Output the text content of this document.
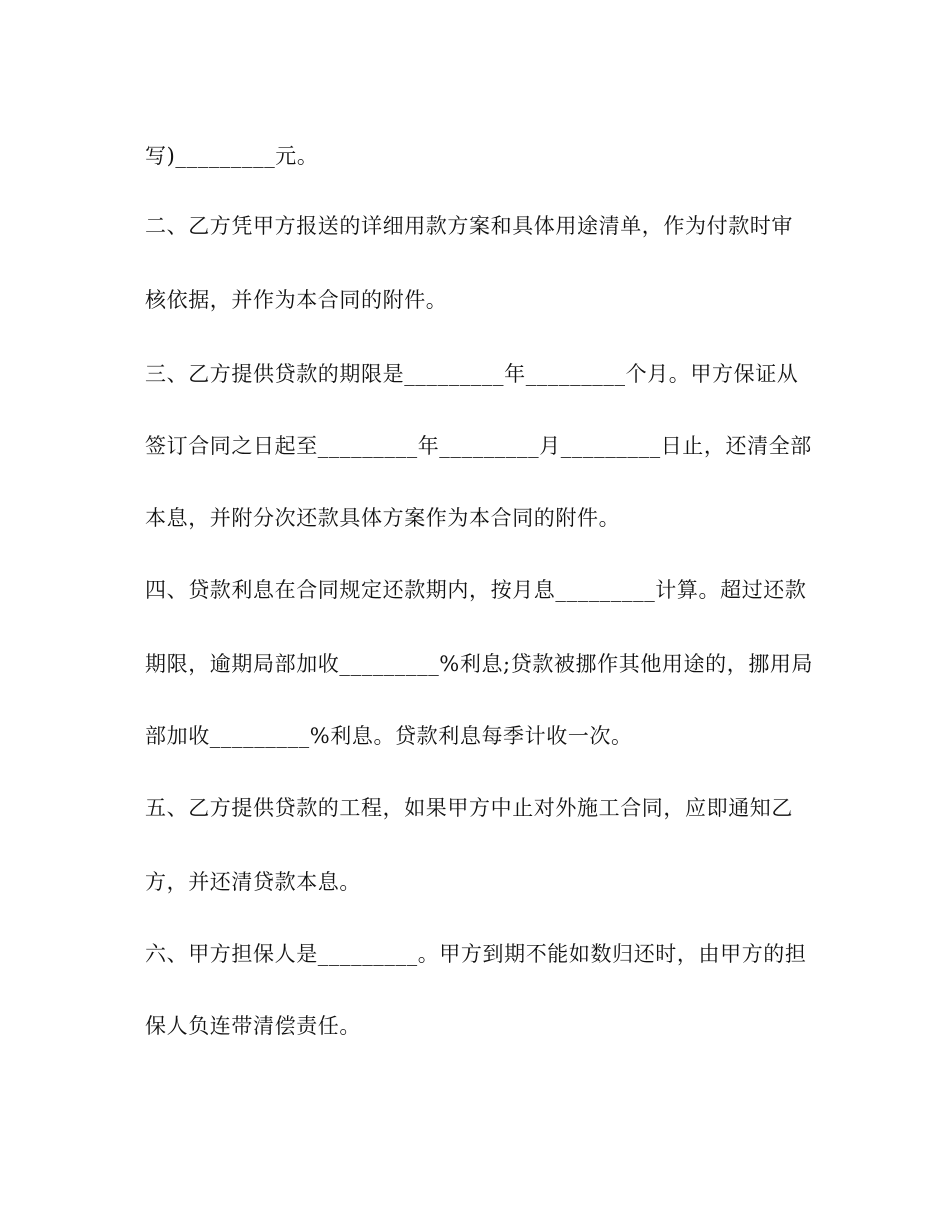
写)_________元。
二、乙方凭甲方报送的详细用款方案和具体用途清单，作为付款时审
核依据，并作为本合同的附件。
三、乙方提供贷款的期限是_________年_________个月。甲方保证从
签订合同之日起至_________年_________月_________日止，还清全部
本息，并附分次还款具体方案作为本合同的附件。
四、贷款利息在合同规定还款期内，按月息_________计算。超过还款
期限，逾期局部加收_________%利息;贷款被挪作其他用途的，挪用局
部加收_________%利息。贷款利息每季计收一次。
五、乙方提供贷款的工程，如果甲方中止对外施工合同，应即通知乙
方，并还清贷款本息。
六、甲方担保人是_________。甲方到期不能如数归还时，由甲方的担
保人负连带清偿责任。
